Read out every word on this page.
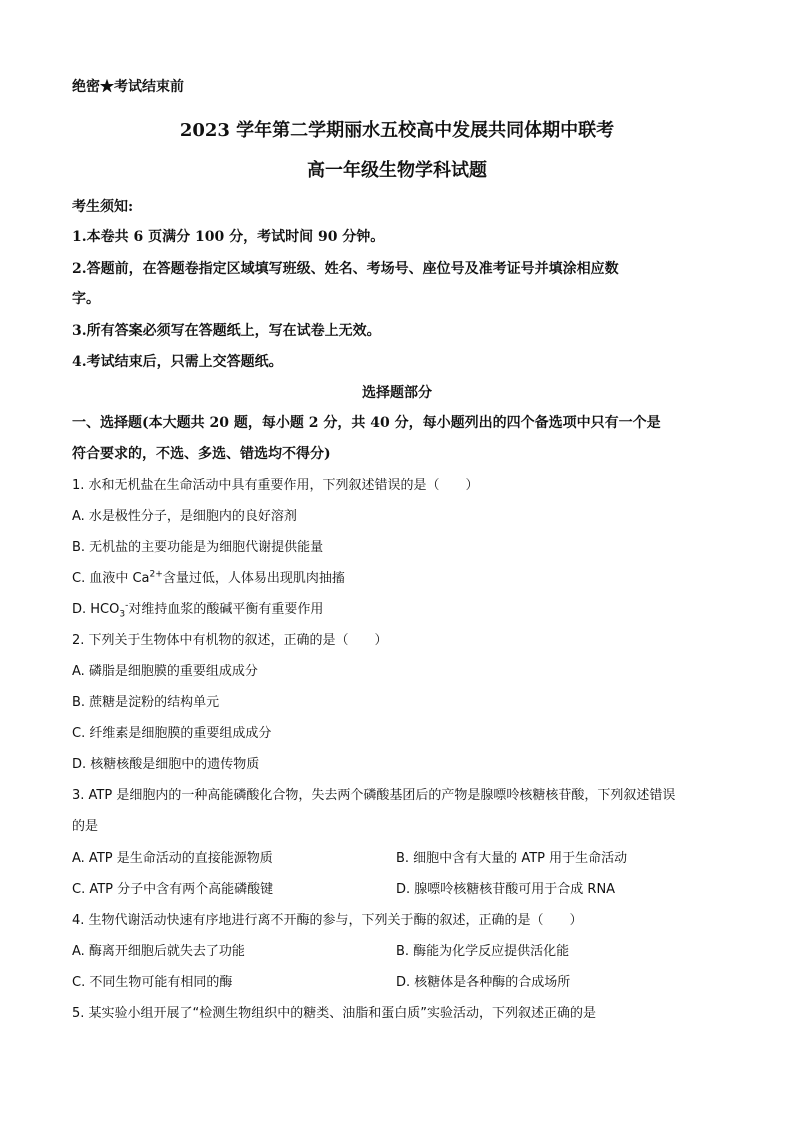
绝密★考试结束前
2023 学年第二学期丽水五校高中发展共同体期中联考
高一年级生物学科试题
考生须知:
1.本卷共 6 页满分 100 分，考试时间 90 分钟。
2.答题前，在答题卷指定区域填写班级、姓名、考场号、座位号及准考证号并填涂相应数
字。
3.所有答案必须写在答题纸上，写在试卷上无效。
4.考试结束后，只需上交答题纸。
选择题部分
一、选择题(本大题共 20 题，每小题 2 分，共 40 分，每小题列出的四个备选项中只有一个是
符合要求的，不选、多选、错选均不得分)
1. 水和无机盐在生命活动中具有重要作用，下列叙述错误的是（　　）
A. 水是极性分子，是细胞内的良好溶剂
B. 无机盐的主要功能是为细胞代谢提供能量
C. 血液中 $Ca^{2+}$含量过低，人体易出现肌肉抽搐
D. $HCO_3^-$对维持血浆的酸碱平衡有重要作用
2. 下列关于生物体中有机物的叙述，正确的是（　　）
A. 磷脂是细胞膜的重要组成成分
B. 蔗糖是淀粉的结构单元
C. 纤维素是细胞膜的重要组成成分
D. 核糖核酸是细胞中的遗传物质
3. ATP 是细胞内的一种高能磷酸化合物，失去两个磷酸基团后的产物是腺嘌呤核糖核苷酸，下列叙述错误
的是
A. ATP 是生命活动的直接能源物质	B. 细胞中含有大量的 ATP 用于生命活动
C. ATP 分子中含有两个高能磷酸键	D. 腺嘌呤核糖核苷酸可用于合成 RNA
4. 生物代谢活动快速有序地进行离不开酶的参与，下列关于酶的叙述，正确的是（　　）
A. 酶离开细胞后就失去了功能	B. 酶能为化学反应提供活化能
C. 不同生物可能有相同的酶	D. 核糖体是各种酶的合成场所
5. 某实验小组开展了“检测生物组织中的糖类、油脂和蛋白质”实验活动，下列叙述正确的是
